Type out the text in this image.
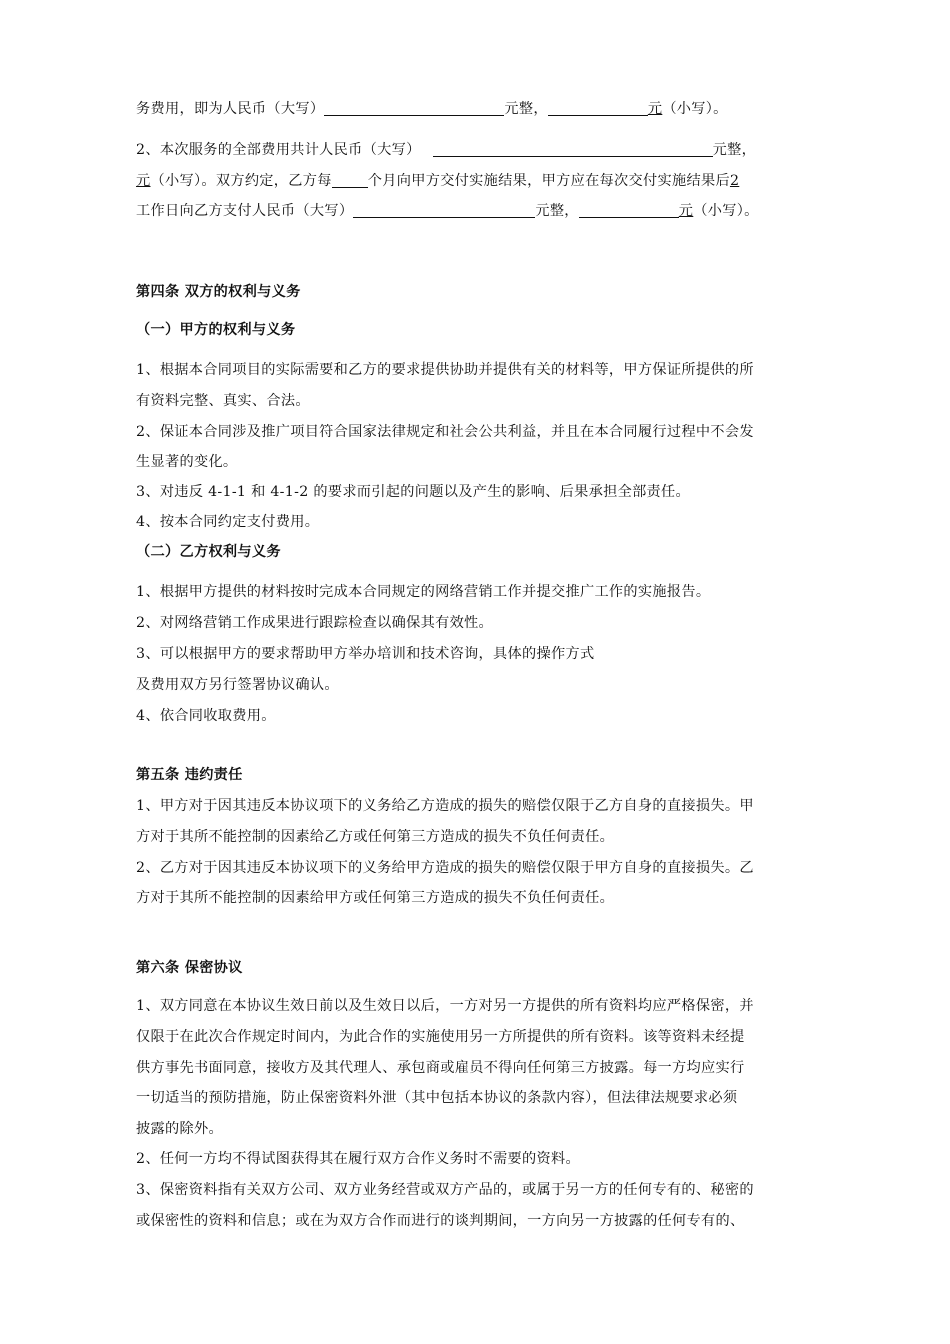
务费用，即为人民币（大写）	元整，	元（小写）。
2、本次服务的全部费用共计人民币（大写）	元整，
元（小写）。双方约定，乙方每	个月向甲方交付实施结果，甲方应在每次交付实施结果后2
工作日向乙方支付人民币（大写）	元整，	元（小写）。
第四条 双方的权利与义务
（一）甲方的权利与义务
1、根据本合同项目的实际需要和乙方的要求提供协助并提供有关的材料等，甲方保证所提供的所
有资料完整、真实、合法。
2、保证本合同涉及推广项目符合国家法律规定和社会公共利益，并且在本合同履行过程中不会发
生显著的变化。
3、对违反 4-1-1 和 4-1-2 的要求而引起的问题以及产生的影响、后果承担全部责任。
4、按本合同约定支付费用。
（二）乙方权利与义务
1、根据甲方提供的材料按时完成本合同规定的网络营销工作并提交推广工作的实施报告。
2、对网络营销工作成果进行跟踪检查以确保其有效性。
3、可以根据甲方的要求帮助甲方举办培训和技术咨询，具体的操作方式
及费用双方另行签署协议确认。
4、依合同收取费用。
第五条 违约责任
1、甲方对于因其违反本协议项下的义务给乙方造成的损失的赔偿仅限于乙方自身的直接损失。甲
方对于其所不能控制的因素给乙方或任何第三方造成的损失不负任何责任。
2、乙方对于因其违反本协议项下的义务给甲方造成的损失的赔偿仅限于甲方自身的直接损失。乙
方对于其所不能控制的因素给甲方或任何第三方造成的损失不负任何责任。
第六条 保密协议
1、双方同意在本协议生效日前以及生效日以后，一方对另一方提供的所有资料均应严格保密，并
仅限于在此次合作规定时间内，为此合作的实施使用另一方所提供的所有资料。该等资料未经提
供方事先书面同意，接收方及其代理人、承包商或雇员不得向任何第三方披露。每一方均应实行
一切适当的预防措施，防止保密资料外泄（其中包括本协议的条款内容），但法律法规要求必须
披露的除外。
2、任何一方均不得试图获得其在履行双方合作义务时不需要的资料。
3、保密资料指有关双方公司、双方业务经营或双方产品的，或属于另一方的任何专有的、秘密的
或保密性的资料和信息；或在为双方合作而进行的谈判期间，一方向另一方披露的任何专有的、
